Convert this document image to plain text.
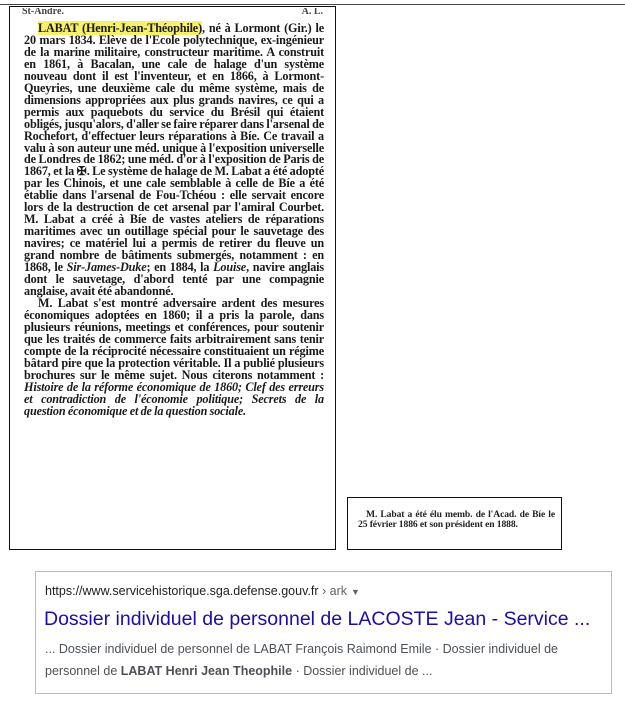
St-André.	A. L.

LABAT (Henri-Jean-Théophile), né à Lormont (Gir.) le 20 mars 1834. Elève de l'Ecole polytechnique, ex-ingénieur de la marine militaire, constructeur maritime. A construit en 1861, à Bacalan, une cale de halage d'un système nouveau dont il est l'inventeur, et en 1866, à Lormont-Queyries, une deuxième cale du même système, mais de dimensions appropriées aux plus grands navires, ce qui a permis aux paquebots du service du Brésil qui étaient obligés, jusqu'alors, d'aller se faire réparer dans l'arsenal de Rochefort, d'effectuer leurs réparations à Bíe. Ce travail a valu à son auteur une méd. unique à l'exposition universelle de Londres de 1862; une méd. d'or à l'exposition de Paris de 1867, et la ✠. Le système de halage de M. Labat a été adopté par les Chinois, et une cale semblable à celle de Bíe a été établie dans l'arsenal de Fou-Tchéou : elle servait encore lors de la destruction de cet arsenal par l'amiral Courbet. M. Labat a créé à Bíe de vastes ateliers de réparations maritimes avec un outillage spécial pour le sauvetage des navires; ce matériel lui a permis de retirer du fleuve un grand nombre de bâtiments submergés, notamment : en 1868, le Sir-James-Duke; en 1884, la Louise, navire anglais dont le sauvetage, d'abord tenté par une compagnie anglaise, avait été abandonné.

M. Labat s'est montré adversaire ardent des mesures économiques adoptées en 1860; il a pris la parole, dans plusieurs réunions, meetings et conférences, pour soutenir que les traités de commerce faits arbitrairement sans tenir compte de la réciprocité nécessaire constituaient un régime bâtard pire que la protection véritable. Il a publié plusieurs brochures sur le même sujet. Nous citerons notamment : Histoire de la réforme économique de 1860; Clef des erreurs et contradiction de l'économie politique; Secrets de la question économique et de la question sociale.

M. Labat a été élu memb. de l'Acad. de Bíe le 25 février 1886 et son président en 1888.

https://www.servicehistorique.sga.defense.gouv.fr › ark ▼
Dossier individuel de personnel de LACOSTE Jean - Service ...
... Dossier individuel de personnel de LABAT François Raimond Emile · Dossier individuel de personnel de LABAT Henri Jean Theophile · Dossier individuel de ...
